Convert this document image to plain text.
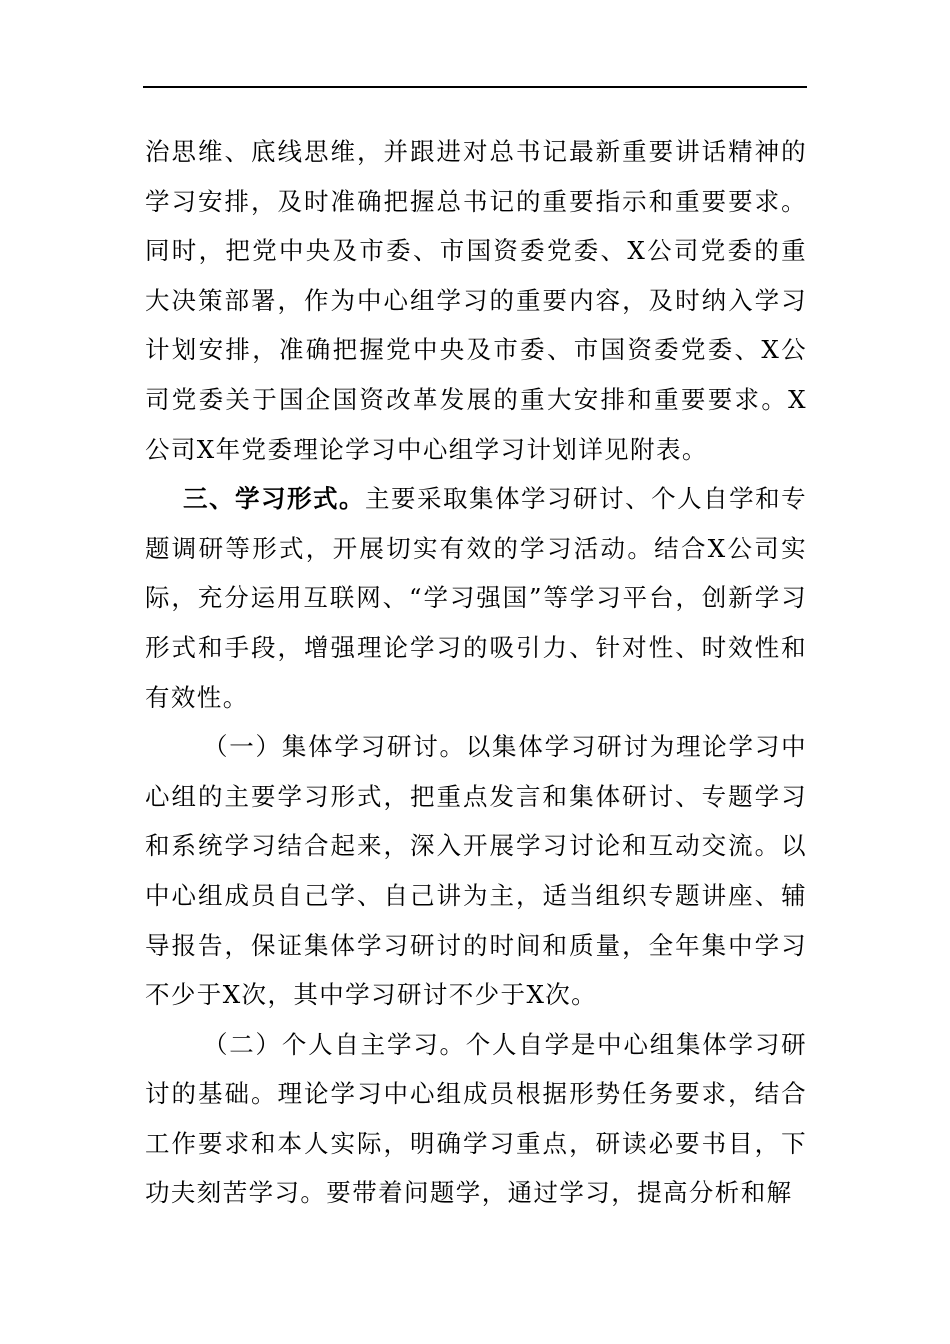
治思维、底线思维，并跟进对总书记最新重要讲话精神的学习安排，及时准确把握总书记的重要指示和重要要求。同时，把党中央及市委、市国资委党委、X公司党委的重大决策部署，作为中心组学习的重要内容，及时纳入学习计划安排，准确把握党中央及市委、市国资委党委、X公司党委关于国企国资改革发展的重大安排和重要要求。X公司X年党委理论学习中心组学习计划详见附表。

三、学习形式。主要采取集体学习研讨、个人自学和专题调研等形式，开展切实有效的学习活动。结合X公司实际，充分运用互联网、“学习强国”等学习平台，创新学习形式和手段，增强理论学习的吸引力、针对性、时效性和有效性。

（一）集体学习研讨。以集体学习研讨为理论学习中心组的主要学习形式，把重点发言和集体研讨、专题学习和系统学习结合起来，深入开展学习讨论和互动交流。以中心组成员自己学、自己讲为主，适当组织专题讲座、辅导报告，保证集体学习研讨的时间和质量，全年集中学习不少于X次，其中学习研讨不少于X次。

（二）个人自主学习。个人自学是中心组集体学习研讨的基础。理论学习中心组成员根据形势任务要求，结合工作要求和本人实际，明确学习重点，研读必要书目，下功夫刻苦学习。要带着问题学，通过学习，提高分析和解
